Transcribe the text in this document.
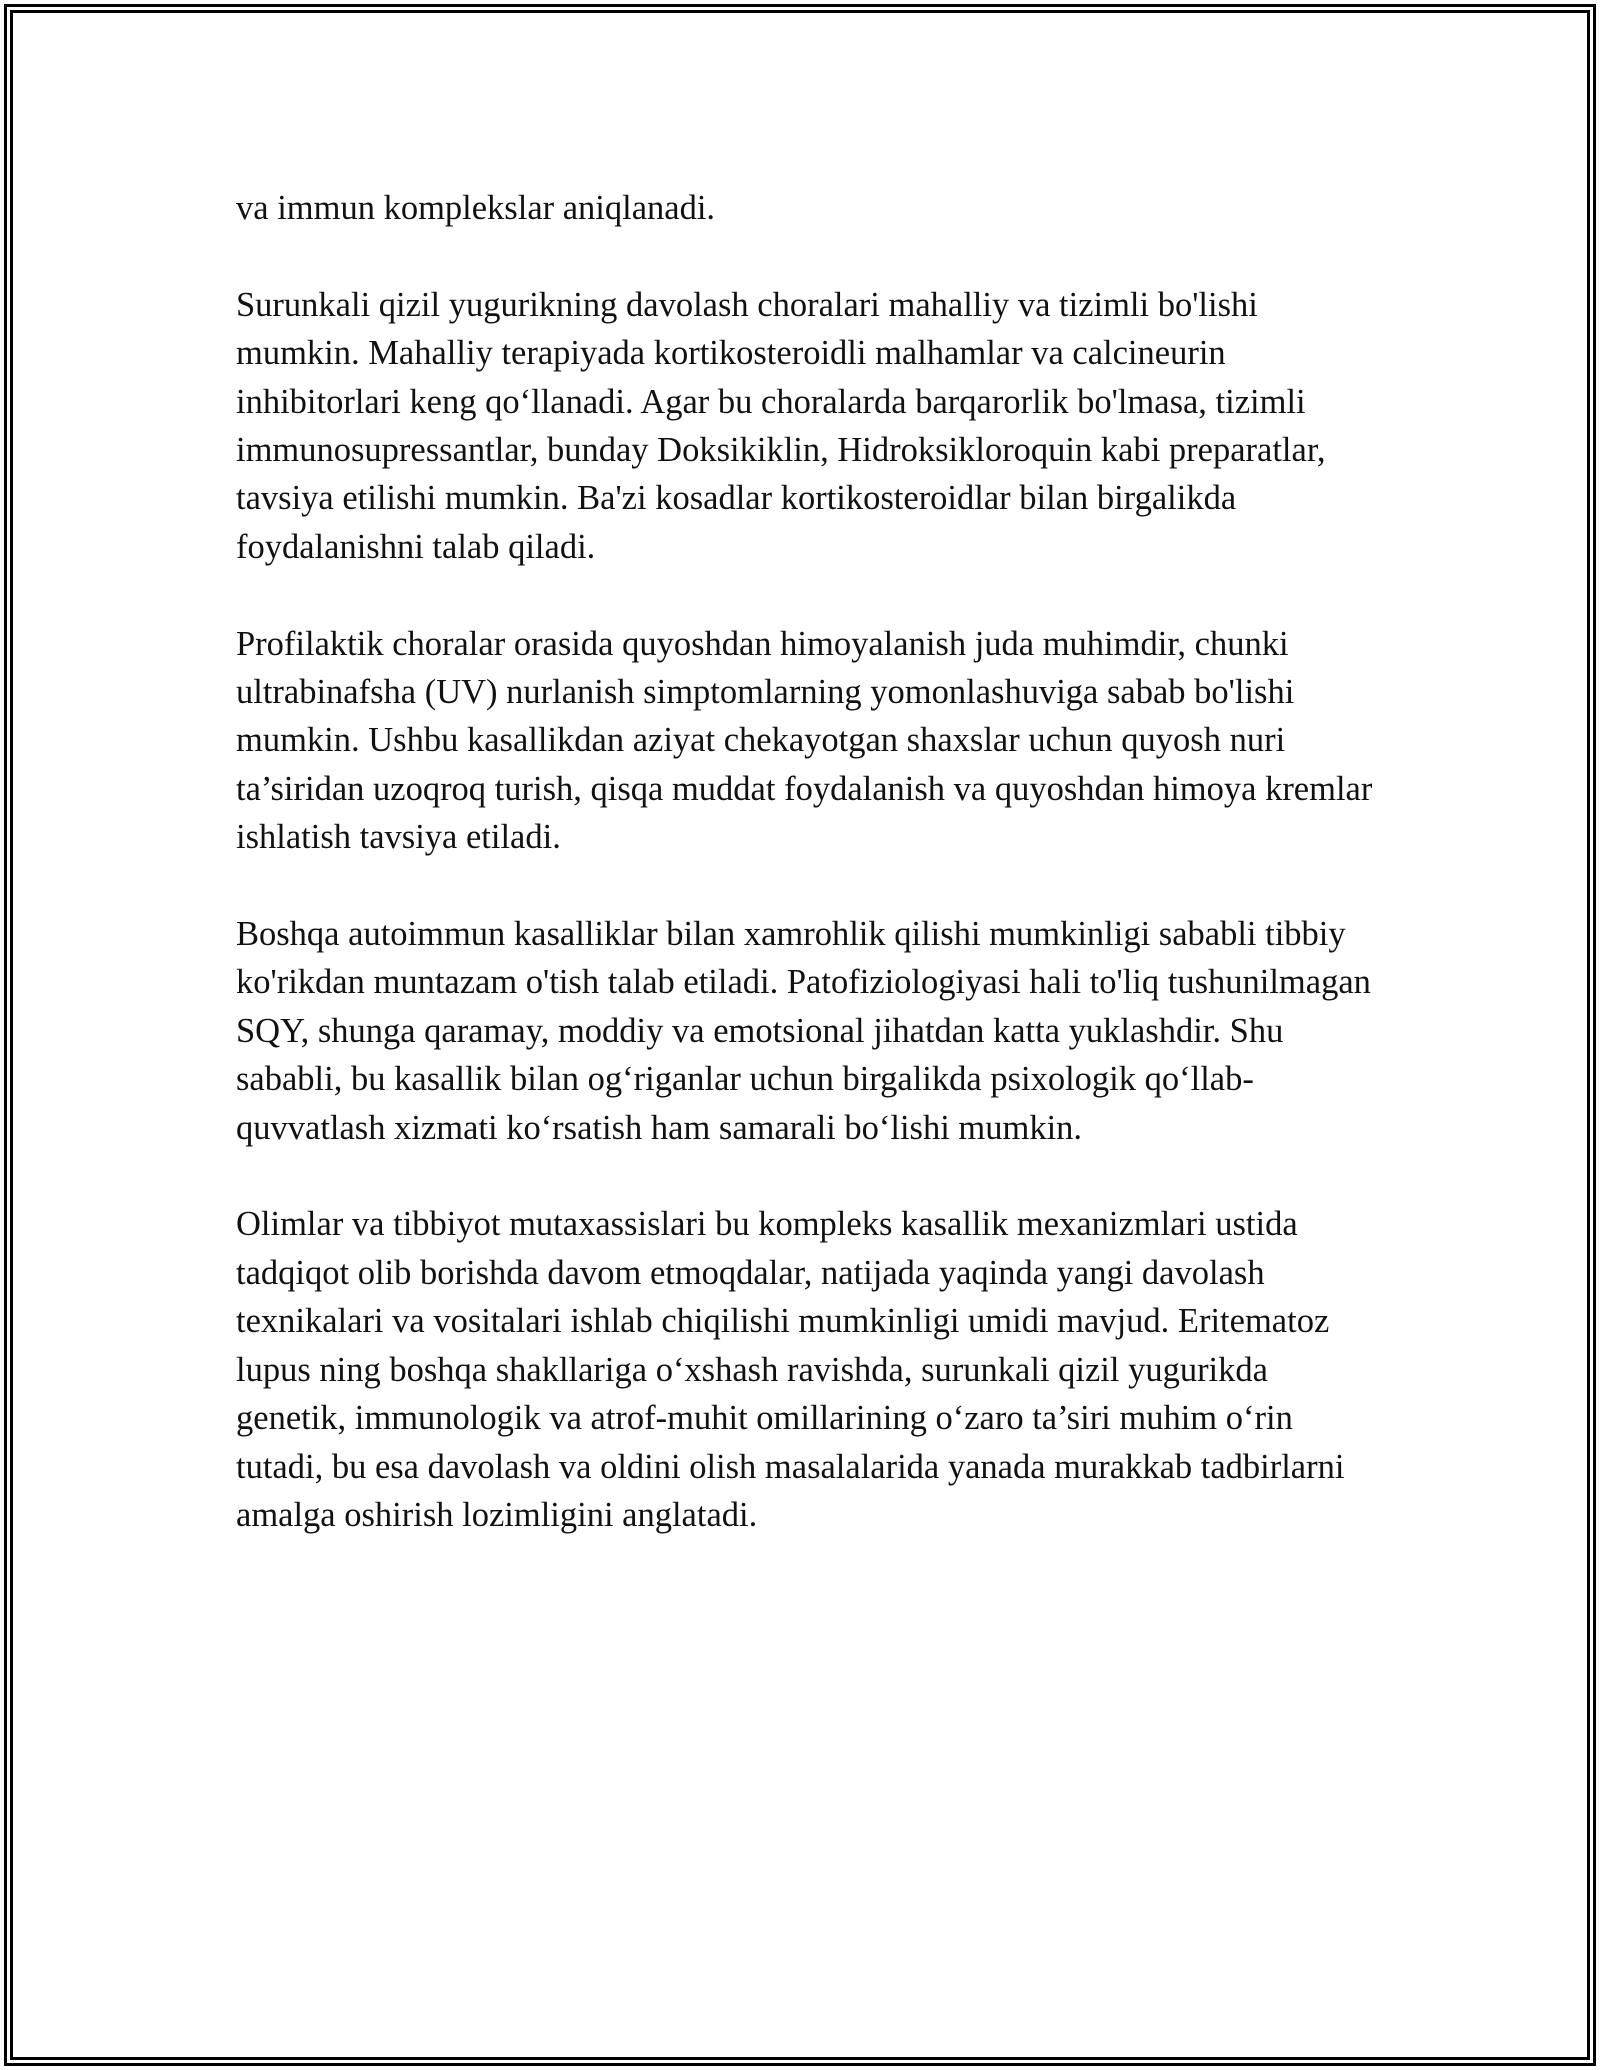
va immun komplekslar aniqlanadi.

Surunkali qizil yugurikning davolash choralari mahalliy va tizimli bo'lishi mumkin. Mahalliy terapiyada kortikosteroidli malhamlar va calcineurin inhibitorlari keng qo‘llanadi. Agar bu choralarda barqarorlik bo'lmasa, tizimli immunosupressantlar, bunday Doksikiklin, Hidroksikloroquin kabi preparatlar, tavsiya etilishi mumkin. Ba'zi kosadlar kortikosteroidlar bilan birgalikda foydalanishni talab qiladi.

Profilaktik choralar orasida quyoshdan himoyalanish juda muhimdir, chunki ultrabinafsha (UV) nurlanish simptomlarning yomonlashuviga sabab bo'lishi mumkin. Ushbu kasallikdan aziyat chekayotgan shaxslar uchun quyosh nuri ta’siridan uzoqroq turish, qisqa muddat foydalanish va quyoshdan himoya kremlar ishlatish tavsiya etiladi.

Boshqa autoimmun kasalliklar bilan xamrohlik qilishi mumkinligi sababli tibbiy ko'rikdan muntazam o'tish talab etiladi. Patofiziologiyasi hali to'liq tushunilmagan SQY, shunga qaramay, moddiy va emotsional jihatdan katta yuklashdir. Shu sababli, bu kasallik bilan og‘riganlar uchun birgalikda psixologik qo‘llab-quvvatlash xizmati ko‘rsatish ham samarali bo‘lishi mumkin.

Olimlar va tibbiyot mutaxassislari bu kompleks kasallik mexanizmlari ustida tadqiqot olib borishda davom etmoqdalar, natijada yaqinda yangi davolash texnikalari va vositalari ishlab chiqilishi mumkinligi umidi mavjud. Eritematoz lupus ning boshqa shakllariga o‘xshash ravishda, surunkali qizil yugurikda genetik, immunologik va atrof-muhit omillarining o‘zaro ta’siri muhim o‘rin tutadi, bu esa davolash va oldini olish masalalarida yanada murakkab tadbirlarni amalga oshirish lozimligini anglatadi.
